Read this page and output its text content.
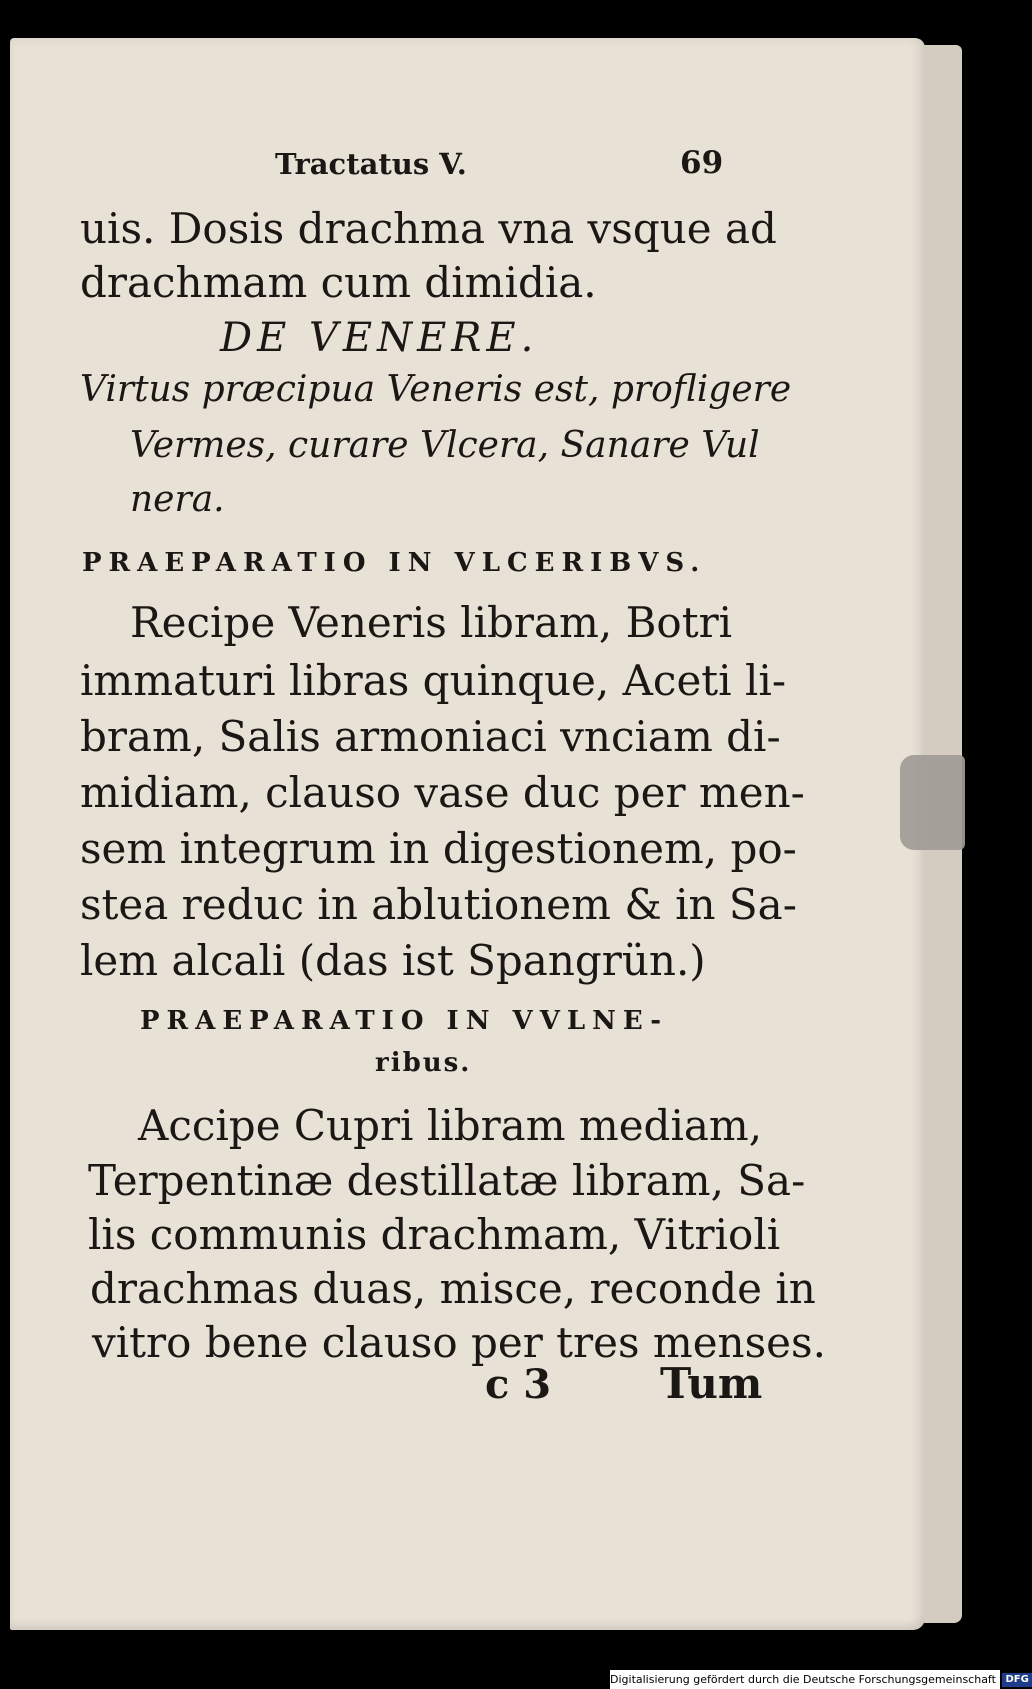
Tractatus V.	69
uis. Dosis drachma vna vsque ad
drachmam cum dimidia.
DE VENERE.
Virtus præcipua Veneris est, profligere
Vermes, curare Vlcera, Sanare Vul
nera.
PRAEPARATIO IN VLCERIBVS.
Recipe Veneris libram, Botri
immaturi libras quinque, Aceti li-
bram, Salis armoniaci vnciam di-
midiam, clauso vase duc per men-
sem integrum in digestionem, po-
stea reduc in ablutionem & in Sa-
lem alcali (das ist Spangrün.)
PRAEPARATIO IN VVLNE-
ribus.
Accipe Cupri libram mediam,
Terpentinæ destillatæ libram, Sa-
lis communis drachmam, Vitrioli
drachmas duas, misce, reconde in
vitro bene clauso per tres menses.
c 3	Tum
Digitalisierung gefördert durch die Deutsche Forschungsgemeinschaft DFG
